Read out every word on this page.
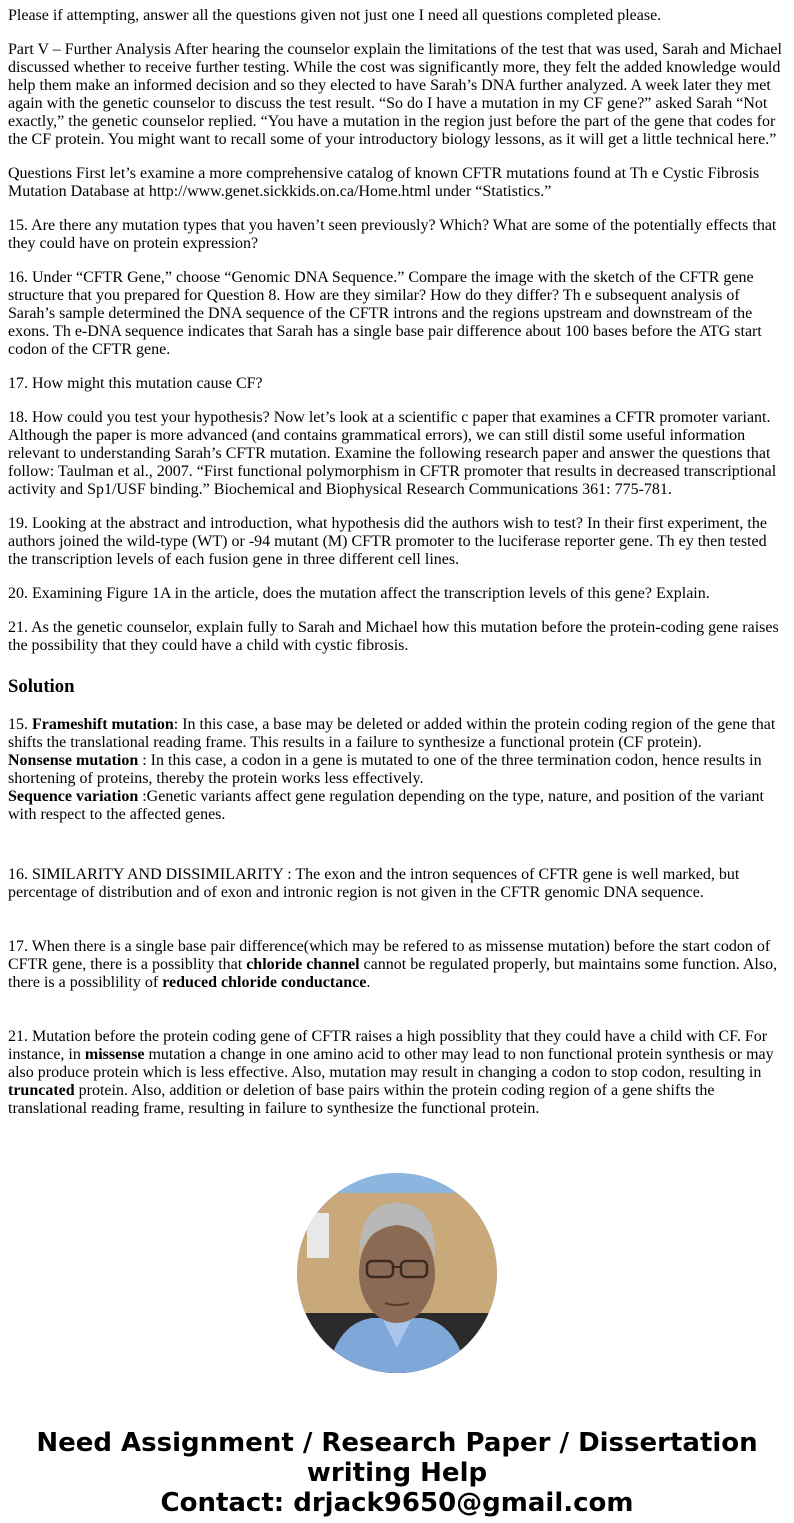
Please if attempting, answer all the questions given not just one I need all questions completed please.

Part V – Further Analysis After hearing the counselor explain the limitations of the test that was used, Sarah and Michael discussed whether to receive further testing. While the cost was significantly more, they felt the added knowledge would help them make an informed decision and so they elected to have Sarah’s DNA further analyzed. A week later they met again with the genetic counselor to discuss the test result. “So do I have a mutation in my CF gene?” asked Sarah “Not exactly,” the genetic counselor replied. “You have a mutation in the region just before the part of the gene that codes for the CF protein. You might want to recall some of your introductory biology lessons, as it will get a little technical here.”

Questions First let’s examine a more comprehensive catalog of known CFTR mutations found at Th e Cystic Fibrosis Mutation Database at http://www.genet.sickkids.on.ca/Home.html under “Statistics.”

15. Are there any mutation types that you haven’t seen previously? Which? What are some of the potentially effects that they could have on protein expression?

16. Under “CFTR Gene,” choose “Genomic DNA Sequence.” Compare the image with the sketch of the CFTR gene structure that you prepared for Question 8. How are they similar? How do they differ? Th e subsequent analysis of Sarah’s sample determined the DNA sequence of the CFTR introns and the regions upstream and downstream of the exons. Th e-DNA sequence indicates that Sarah has a single base pair difference about 100 bases before the ATG start codon of the CFTR gene.

17. How might this mutation cause CF?

18. How could you test your hypothesis? Now let’s look at a scientific c paper that examines a CFTR promoter variant. Although the paper is more advanced (and contains grammatical errors), we can still distil some useful information relevant to understanding Sarah’s CFTR mutation. Examine the following research paper and answer the questions that follow: Taulman et al., 2007. “First functional polymorphism in CFTR promoter that results in decreased transcriptional activity and Sp1/USF binding.” Biochemical and Biophysical Research Communications 361: 775-781.

19. Looking at the abstract and introduction, what hypothesis did the authors wish to test? In their first experiment, the authors joined the wild-type (WT) or -94 mutant (M) CFTR promoter to the luciferase reporter gene. Th ey then tested the transcription levels of each fusion gene in three different cell lines.

20. Examining Figure 1A in the article, does the mutation affect the transcription levels of this gene? Explain.

21. As the genetic counselor, explain fully to Sarah and Michael how this mutation before the protein-coding gene raises the possibility that they could have a child with cystic fibrosis.

Solution

15. Frameshift mutation: In this case, a base may be deleted or added within the protein coding region of the gene that shifts the translational reading frame. This results in a failure to synthesize a functional protein (CF protein).
Nonsense mutation : In this case, a codon in a gene is mutated to one of the three termination codon, hence results in shortening of proteins, thereby the protein works less effectively.
Sequence variation :Genetic variants affect gene regulation depending on the type, nature, and position of the variant with respect to the affected genes.

16. SIMILARITY AND DISSIMILARITY : The exon and the intron sequences of CFTR gene is well marked, but percentage of distribution and of exon and intronic region is not given in the CFTR genomic DNA sequence.

17. When there is a single base pair difference(which may be refered to as missense mutation) before the start codon of CFTR gene, there is a possiblity that chloride channel cannot be regulated properly, but maintains some function. Also, there is a possiblility of reduced chloride conductance.

21. Mutation before the protein coding gene of CFTR raises a high possiblity that they could have a child with CF. For instance, in missense mutation a change in one amino acid to other may lead to non functional protein synthesis or may also produce protein which is less effective. Also, mutation may result in changing a codon to stop codon, resulting in truncated protein. Also, addition or deletion of base pairs within the protein coding region of a gene shifts the translational reading frame, resulting in failure to synthesize the functional protein.

Need Assignment / Research Paper / Dissertation
writing Help
Contact: drjack9650@gmail.com
